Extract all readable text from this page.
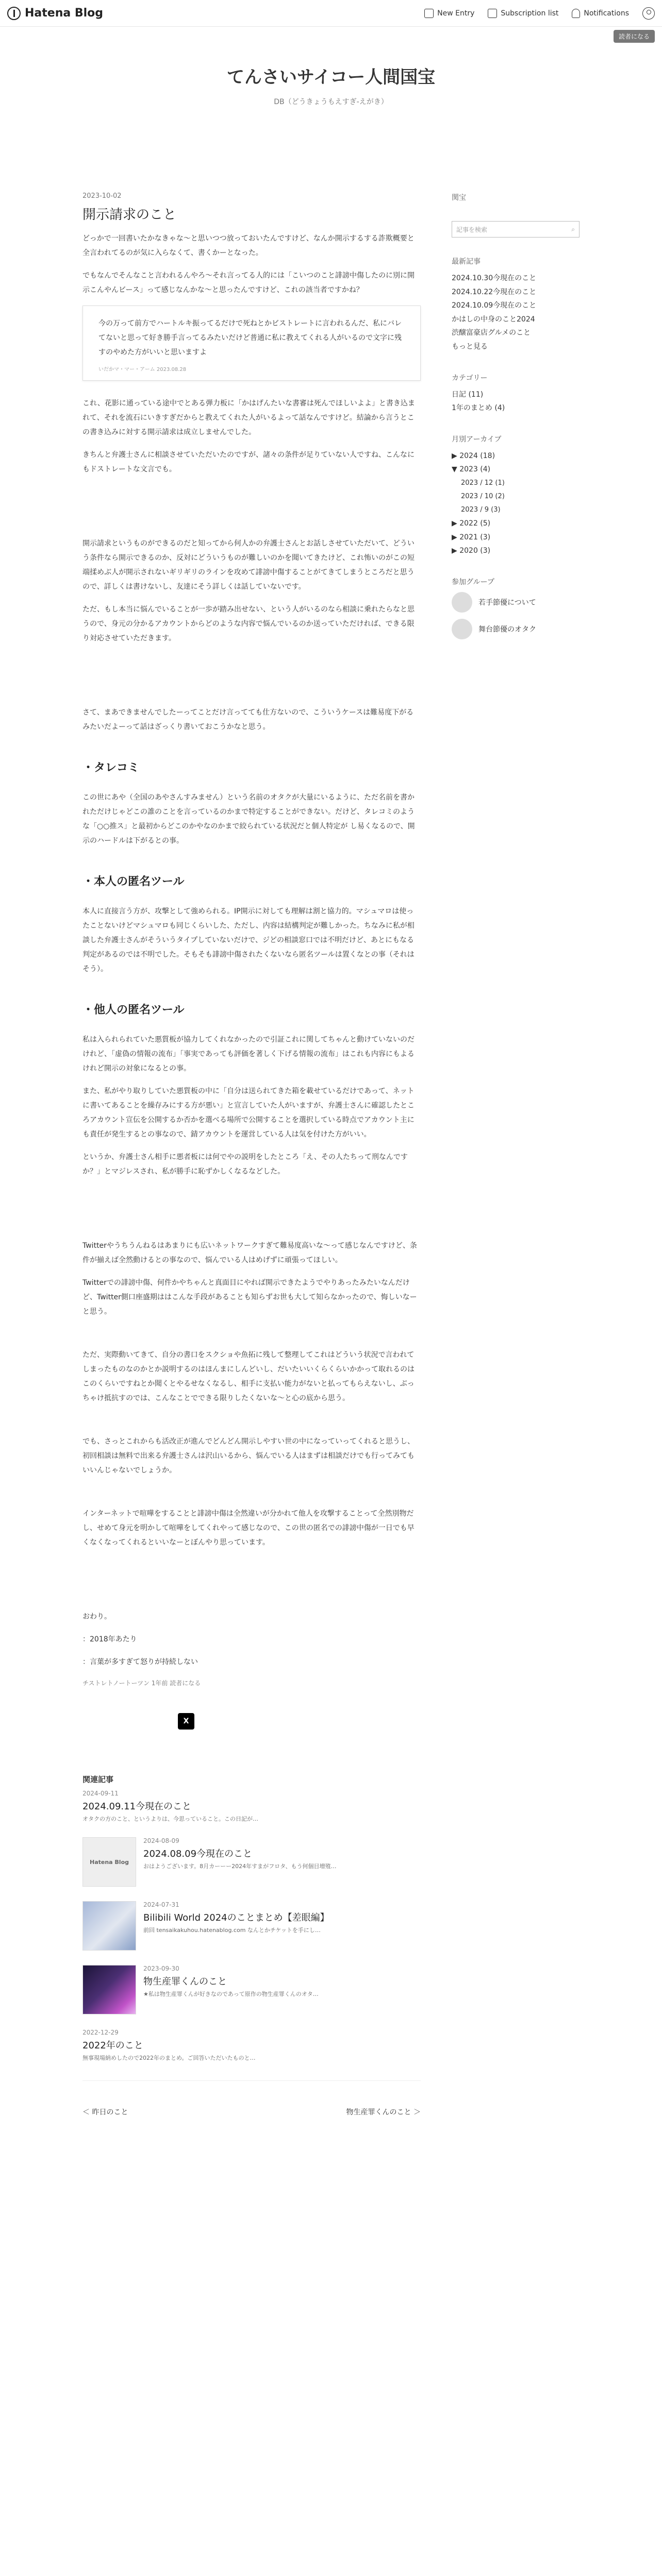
Hatena Blog	New Entry	Subscription list	Notifications
読者になる
てんさいサイコー人間国宝
DB（どうきょうもえすぎ-えがき）
2023-10-02
開示請求のこと

どっかで一回書いたかなきゃな〜と思いつつ放っておいたんですけど、なんか開示するする詐欺概要と全言われてるのが気に入らなくて、書くかーとなった。

でもなんでそんなこと言われるんやろ〜それ言ってる人的には「こいつのこと誹謗中傷したのに別に開示こんやんビース」って感じなんかな〜と思ったんですけど、これの該当者ですかね？

今の万って前方でハートルキ振ってるだけで死ねとかビストレートに言われるんだ、私にバレてないと思って好き勝手言ってるみたいだけど普通に私に教えてくれる人がいるので文字に残すのやめた方がいいと思いますよ

いだかマ・マー・アーム 2023.08.28

これ、花影に通っている途中でとある弾力板に「かはげんたいな書審は死んでほしいよよ」と書き込まれて、それを流石にいきすぎだからと教えてくれた人がいるよって話なんですけど。結論から言うとこの書き込みに対する開示請求は成立しませんでした。

きちんと弁護士さんに相談させていただいたのですが、諸々の条件が足りていない人ですね、こんなにもドストレートな文言でも。

開示請求というものができるのだと知ってから何人かの弁護士さんとお話しさせていただいて、どういう条件なら開示できるのか、反対にどういうものが難しいのかを聞いてきたけど、これ怖いのがこの短端揉めぶ人が開示されないギリギリのラインを攻めて誹謗中傷することがてきてしまうところだと思うので、詳しくは書けないし、友達にそう詳しくは話していないです。

ただ、もし本当に悩んでいることが一歩が踏み出せない、という人がいるのなら相談に乗れたらなと思うので、身元の分かるアカウントからどのような内容で悩んでいるのか送っていただければ、できる限り対応させていただきます。

さて、まあできませんでしたーってことだけ言ってても仕方ないので、こういうケースは難易度下がるみたいだよーって話はざっくり書いておこうかなと思う。

・タレコミ

この世にあや（全国のあやさんすみません）という名前のオタクが大量にいるように、ただ名前を書かれただけじゃどこの誰のことを言っているのかまで特定することができない。だけど、タレコミのような「○○推ス」と最初からどこのかやなのかまで絞られている状況だと個人特定が し易くなるので、開示のハードルは下がるとの事。

・本人の匿名ツール

本人に直接言う方が、攻撃として強められる。IP開示に対しても理解は割と協力的。マシュマロは使ったことないけどマシュマロも同じくらいした、ただし、内容は結構判定が難しかった。ちなみに私が相談した弁護士さんがそういうタイプしていないだけで、ジどの相談窓口では不明だけど、あとにもなる判定があるのでは不明でした。そもそも誹謗中傷されたくないなら匿名ツールは置くなとの事（それはそう）。

・他人の匿名ツール

私は入られられていた悪質板が協力してくれなかったので引証これに関してちゃんと動けていないのだけれど、「虚偽の情報の流布」「事実であっても評価を著しく下げる情報の流布」はこれも内容にもよるけれど開示の対象になるとの事。

また、私がやり取りしていた悪質板の中に「自分は送られてきた箱を載せているだけであって、ネットに書いてあることを繰存みにする方が悪い」と宣言していた人がいますが、弁護士さんに確認したところアカウント宣伝を公開するか否かを選べる場所で公開することを選択している時点でアカウント主にも責任が発生するとの事なので、錆アカウントを運営している人は気を付けた方がいい。

というか、弁護士さん相手に悪者板には何でやの説明をしたところ「え、その人たちって刑なんですか？」とマジレスされ、私が勝手に恥ずかしくなるなどした。

Twitterやうちうんねるはあまりにも広いネットワークすぎて難易度高いな〜って感じなんですけど、条件が揃えば全然動けるとの事なので、悩んでいる人はめげずに頑張ってほしい。

Twitterでの誹謗中傷、何件かやちゃんと真面目にやれば開示できたようでやりあったみたいなんだけど、Twitter側口座盛期ははこんな手段があることも知らずお世も大して知らなかったので、悔しいなーと思う。

ただ、実際動いてきて、自分の書口をスクショや魚拓に残して整理してこれはどういう状況で言われてしまったものなのかとか説明するのはほんまにしんどいし、だいたいいくらくらいかかって取れるのはこのくらいですねとか聞くとやるせなくなるし、相手に支払い能力がないと払ってもらえないし、ぶっちゃけ抵抗すのでは、こんなことでできる限りしたくないな〜と心の底から思う。

でも、さっとこれからも活改正が進んでどんどん開示しやすい世の中になっていってくれると思うし、初回相談は無料で出来る弁護士さんは沢山いるから、悩んでいる人はまずは相談だけでも行ってみてもいいんじゃないでしょうか。

インターネットで喧嘩をすることと誹謗中傷は全然違いが分かれて他人を攻撃することって全然別物だし、せめて身元を明かして喧嘩をしてくれやって感じなので、この世の匿名での誹謗中傷が一日でも早くなくなってくれるといいなーとぼんやり思っています。

おわり。

：2018年あたり

：言葉が多すぎて怒りが持続しない

チストレトノートーツン 1年前 読者になる
X
関連記事
2024-09-11
2024.09.11今現在のこと
オタクの方のこと、というよりは、今思っていること。この日記が…
Hatena Blog
2024-08-09
2024.08.09今現在のこと
おはようございます。8月カーーー2024年すまがフロタ、もう何個目増殖…
2024-07-31
Bilibili World 2024のことまとめ【差眼編】
前回 tensaikakuhou.hatenablog.com なんとかチケットを手にし…
2023-09-30
物生産罪くんのこと
★私は物生産罪くんが好きなのであって原作の物生産罪くんのオタ…
2022-12-29
2022年のこと
無事現場納めしたので2022年のまとめ。ご回答いただいたものと…
＜ 昨日のこと	物生産罪くんのこと ＞
関宝
記事を検索	⌕
最新記事
2024.10.30今現在のこと
2024.10.22今現在のこと
2024.10.09今現在のこと
かはしの中身のこと2024
渋醸富豪店グルメのこと
もっと見る
カテゴリー
日記 (11)
1年のまとめ (4)
月別アーカイブ
▶ 2024 (18)
▼ 2023 (4)
2023 / 12 (1)
2023 / 10 (2)
2023 / 9 (3)
▶ 2022 (5)
▶ 2021 (3)
▶ 2020 (3)
参加グループ
若手節優について
舞台節優のオタク
